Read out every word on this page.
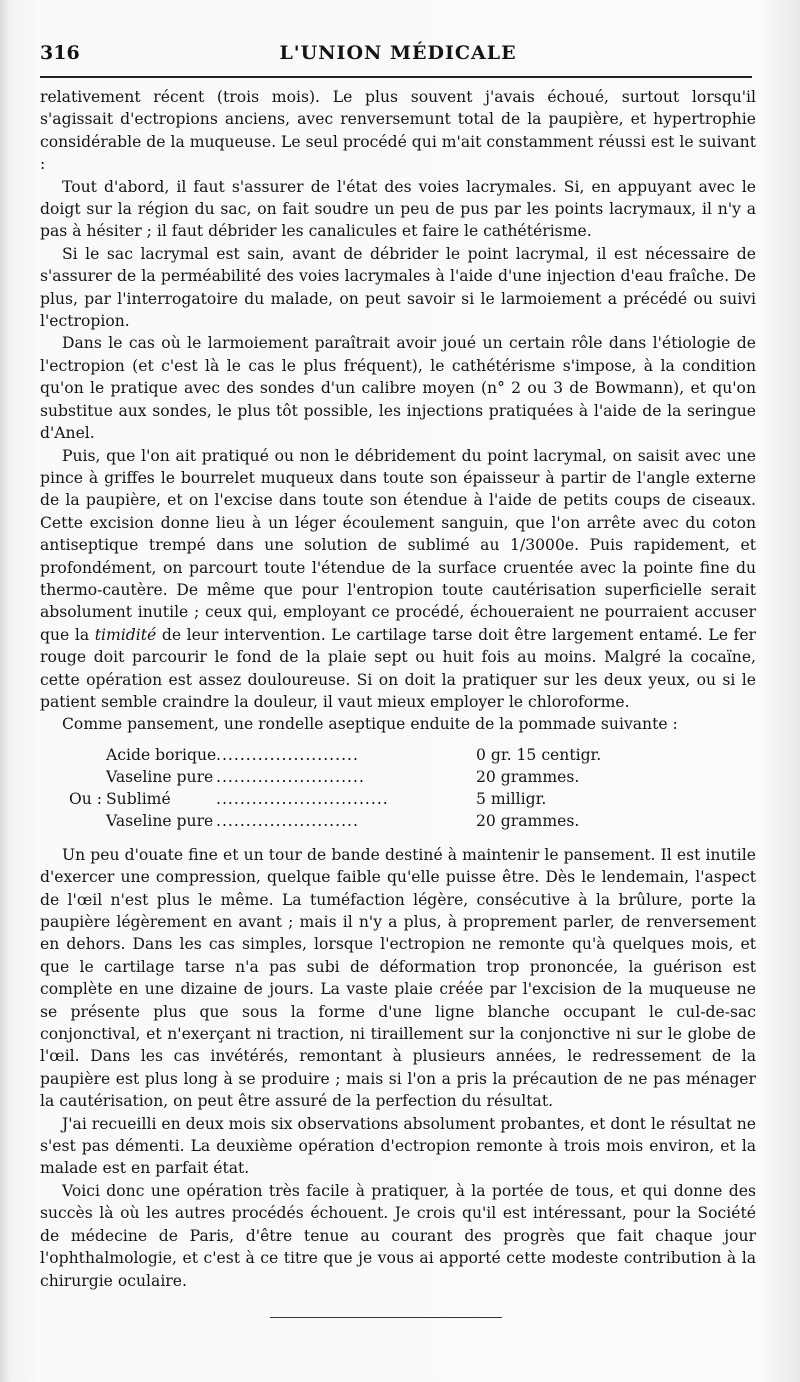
316	L'UNION MÉDICALE

relativement récent (trois mois). Le plus souvent j'avais échoué, surtout lorsqu'il s'agissait d'ectropions anciens, avec renversemunt total de la paupière, et hypertrophie considérable de la muqueuse. Le seul procédé qui m'ait constamment réussi est le suivant :

Tout d'abord, il faut s'assurer de l'état des voies lacrymales. Si, en appuyant avec le doigt sur la région du sac, on fait soudre un peu de pus par les points lacrymaux, il n'y a pas à hésiter ; il faut débrider les canalicules et faire le cathétérisme.

Si le sac lacrymal est sain, avant de débrider le point lacrymal, il est nécessaire de s'assurer de la perméabilité des voies lacrymales à l'aide d'une injection d'eau fraîche. De plus, par l'interrogatoire du malade, on peut savoir si le larmoiement a précédé ou suivi l'ectropion.

Dans le cas où le larmoiement paraîtrait avoir joué un certain rôle dans l'étiologie de l'ectropion (et c'est là le cas le plus fréquent), le cathétérisme s'impose, à la condition qu'on le pratique avec des sondes d'un calibre moyen (n° 2 ou 3 de Bowmann), et qu'on substitue aux sondes, le plus tôt possible, les injections pratiquées à l'aide de la seringue d'Anel.

Puis, que l'on ait pratiqué ou non le débridement du point lacrymal, on saisit avec une pince à griffes le bourrelet muqueux dans toute son épaisseur à partir de l'angle externe de la paupière, et on l'excise dans toute son étendue à l'aide de petits coups de ciseaux. Cette excision donne lieu à un léger écoulement sanguin, que l'on arrête avec du coton antiseptique trempé dans une solution de sublimé au 1/3000e. Puis rapidement, et profondément, on parcourt toute l'étendue de la surface cruentée avec la pointe fine du thermo-cautère. De même que pour l'entropion toute cautérisation superficielle serait absolument inutile ; ceux qui, employant ce procédé, échoueraient ne pourraient accuser que la timidité de leur intervention. Le cartilage tarse doit être largement entamé. Le fer rouge doit parcourir le fond de la plaie sept ou huit fois au moins. Malgré la cocaïne, cette opération est assez douloureuse. Si on doit la pratiquer sur les deux yeux, ou si le patient semble craindre la douleur, il vaut mieux employer le chloroforme.

Comme pansement, une rondelle aseptique enduite de la pommade suivante :

Acide borique ........................	0 gr. 15 centigr.
Vaseline pure .........................	20 grammes.
Ou : Sublimé	.............................	5 milligr.
Vaseline pure ........................	20 grammes.

Un peu d'ouate fine et un tour de bande destiné à maintenir le pansement. Il est inutile d'exercer une compression, quelque faible qu'elle puisse être. Dès le lendemain, l'aspect de l'œil n'est plus le même. La tuméfaction légère, consécutive à la brûlure, porte la paupière légèrement en avant ; mais il n'y a plus, à proprement parler, de renversement en dehors. Dans les cas simples, lorsque l'ectropion ne remonte qu'à quelques mois, et que le cartilage tarse n'a pas subi de déformation trop prononcée, la guérison est complète en une dizaine de jours. La vaste plaie créée par l'excision de la muqueuse ne se présente plus que sous la forme d'une ligne blanche occupant le cul-de-sac conjonctival, et n'exerçant ni traction, ni tiraillement sur la conjonctive ni sur le globe de l'œil. Dans les cas invétérés, remontant à plusieurs années, le redressement de la paupière est plus long à se produire ; mais si l'on a pris la précaution de ne pas ménager la cautérisation, on peut être assuré de la perfection du résultat.

J'ai recueilli en deux mois six observations absolument probantes, et dont le résultat ne s'est pas démenti. La deuxième opération d'ectropion remonte à trois mois environ, et la malade est en parfait état.

Voici donc une opération très facile à pratiquer, à la portée de tous, et qui donne des succès là où les autres procédés échouent. Je crois qu'il est intéressant, pour la Société de médecine de Paris, d'être tenue au courant des progrès que fait chaque jour l'ophthalmologie, et c'est à ce titre que je vous ai apporté cette modeste contribution à la chirurgie oculaire.
